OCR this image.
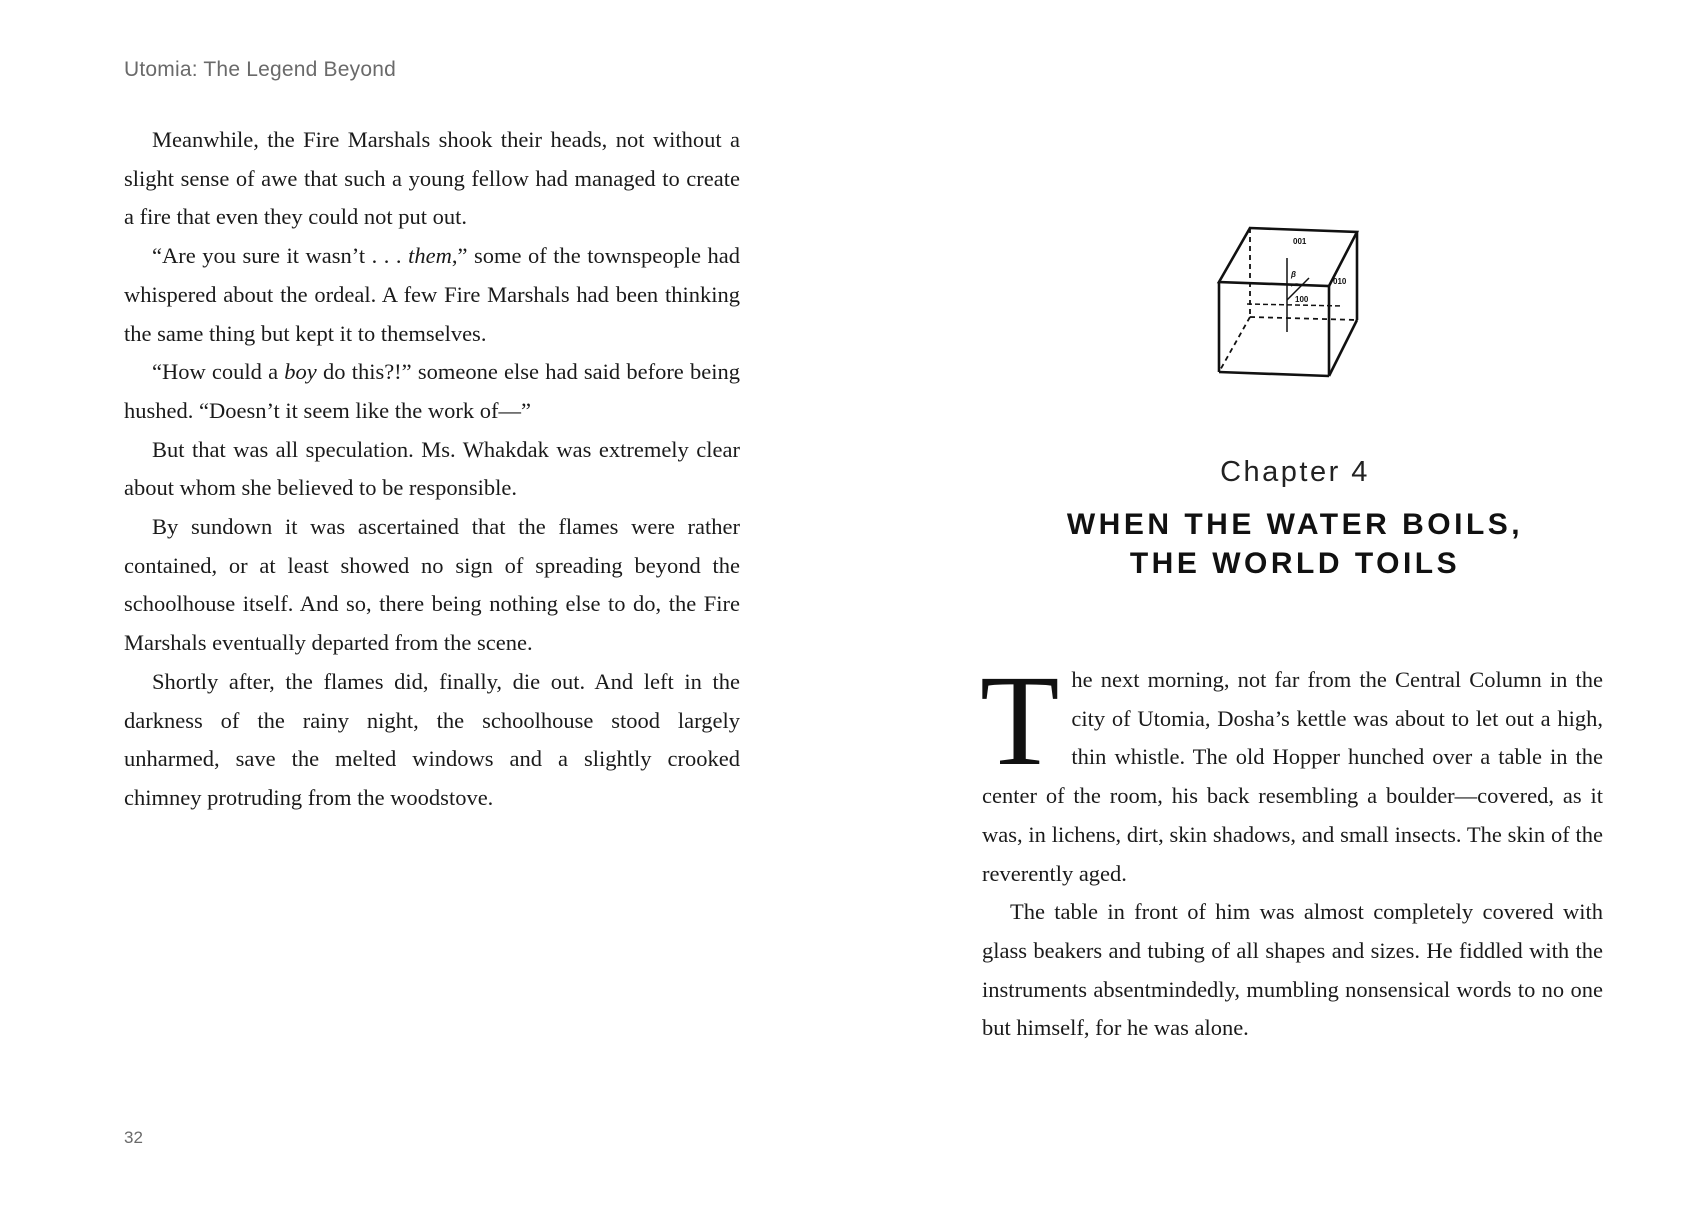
Utomia: The Legend Beyond

Meanwhile, the Fire Marshals shook their heads, not without a slight sense of awe that such a young fellow had managed to create a fire that even they could not put out.

“Are you sure it wasn’t . . . them,” some of the townspeople had whispered about the ordeal. A few Fire Marshals had been thinking the same thing but kept it to themselves.

“How could a boy do this?!” someone else had said before being hushed. “Doesn’t it seem like the work of—”

But that was all speculation. Ms. Whakdak was extremely clear about whom she believed to be responsible.

By sundown it was ascertained that the flames were rather contained, or at least showed no sign of spreading beyond the schoolhouse itself. And so, there being nothing else to do, the Fire Marshals eventually departed from the scene.

Shortly after, the flames did, finally, die out. And left in the darkness of the rainy night, the schoolhouse stood largely unharmed, save the melted windows and a slightly crooked chimney protruding from the woodstove.

32
001
010
100
β
Chapter 4
WHEN THE WATER BOILS,
THE WORLD TOILS

The next morning, not far from the Central Column in the city of Utomia, Dosha’s kettle was about to let out a high, thin whistle. The old Hopper hunched over a table in the center of the room, his back resembling a boulder—covered, as it was, in lichens, dirt, skin shadows, and small insects. The skin of the reverently aged.

The table in front of him was almost completely covered with glass beakers and tubing of all shapes and sizes. He fiddled with the instruments absentmindedly, mumbling nonsensical words to no one but himself, for he was alone.
